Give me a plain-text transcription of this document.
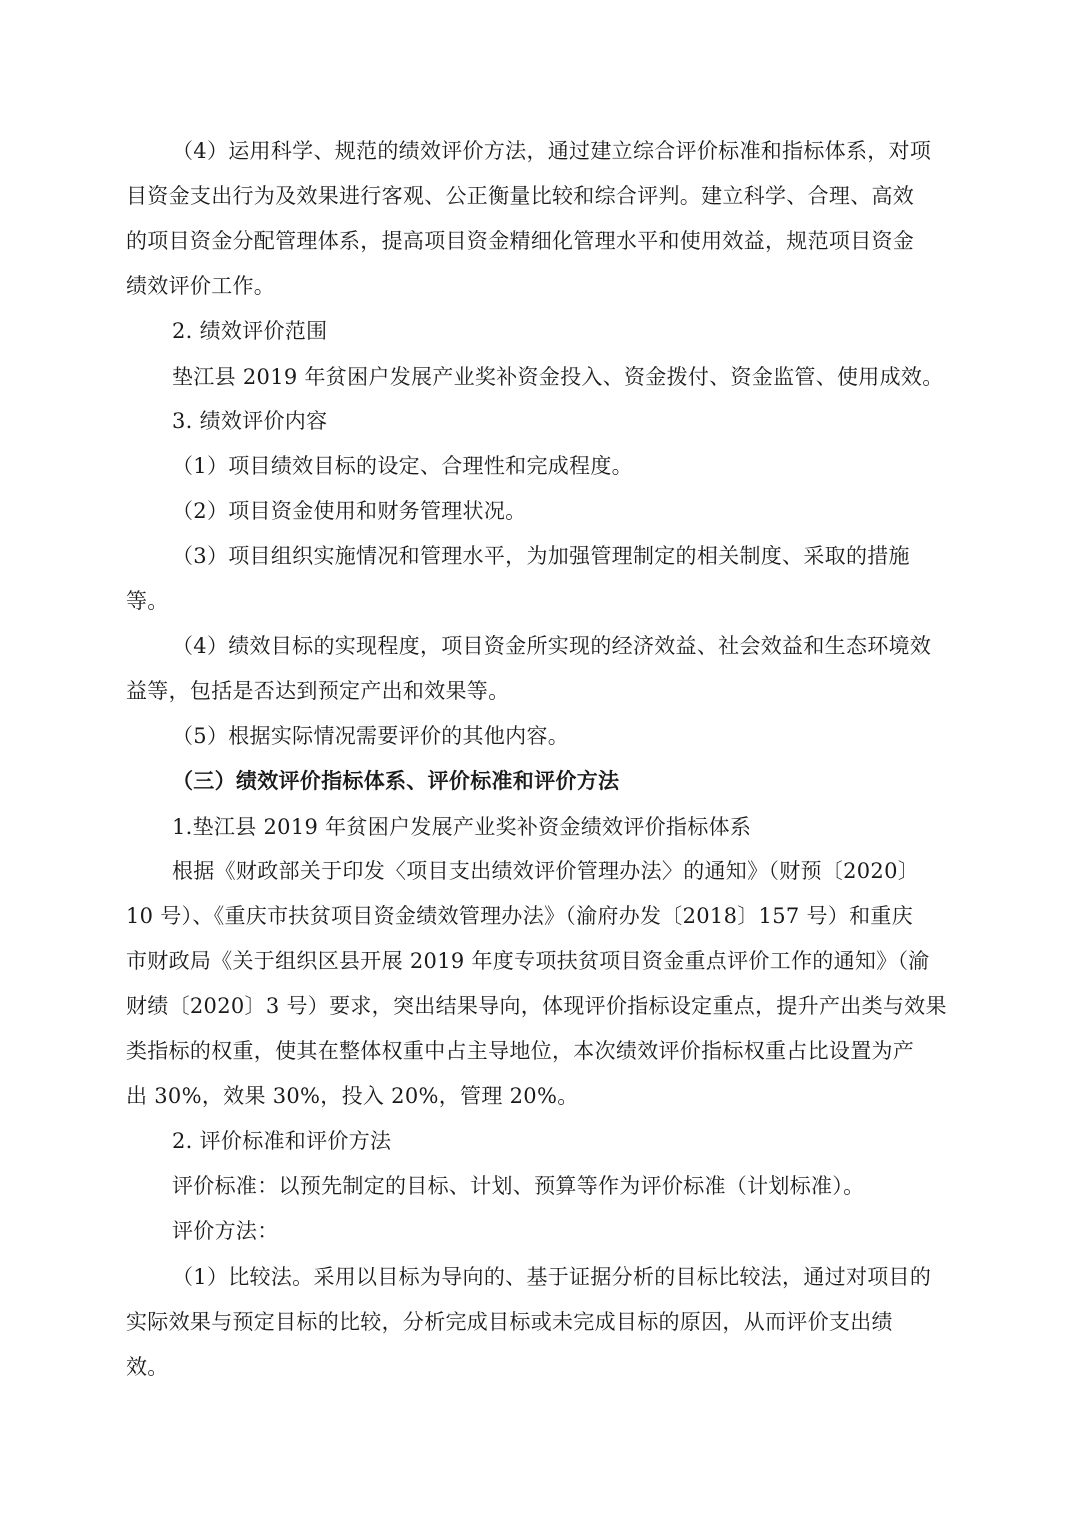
（4）运用科学、规范的绩效评价方法，通过建立综合评价标准和指标体系，对项
目资金支出行为及效果进行客观、公正衡量比较和综合评判。建立科学、合理、高效
的项目资金分配管理体系，提高项目资金精细化管理水平和使用效益，规范项目资金
绩效评价工作。
2. 绩效评价范围
垫江县 2019 年贫困户发展产业奖补资金投入、资金拨付、资金监管、使用成效。
3. 绩效评价内容
（1）项目绩效目标的设定、合理性和完成程度。
（2）项目资金使用和财务管理状况。
（3）项目组织实施情况和管理水平，为加强管理制定的相关制度、采取的措施
等。
（4）绩效目标的实现程度，项目资金所实现的经济效益、社会效益和生态环境效
益等，包括是否达到预定产出和效果等。
（5）根据实际情况需要评价的其他内容。
（三）绩效评价指标体系、评价标准和评价方法
1.垫江县 2019 年贫困户发展产业奖补资金绩效评价指标体系
根据《财政部关于印发〈项目支出绩效评价管理办法〉的通知》（财预〔2020〕
10 号）、《重庆市扶贫项目资金绩效管理办法》（渝府办发〔2018〕157 号）和重庆
市财政局《关于组织区县开展 2019 年度专项扶贫项目资金重点评价工作的通知》（渝
财绩〔2020〕3 号）要求，突出结果导向，体现评价指标设定重点，提升产出类与效果
类指标的权重，使其在整体权重中占主导地位，本次绩效评价指标权重占比设置为产
出 30%，效果 30%，投入 20%，管理 20%。
2. 评价标准和评价方法
评价标准：以预先制定的目标、计划、预算等作为评价标准（计划标准）。
评价方法：
（1）比较法。采用以目标为导向的、基于证据分析的目标比较法，通过对项目的
实际效果与预定目标的比较，分析完成目标或未完成目标的原因，从而评价支出绩
效。
